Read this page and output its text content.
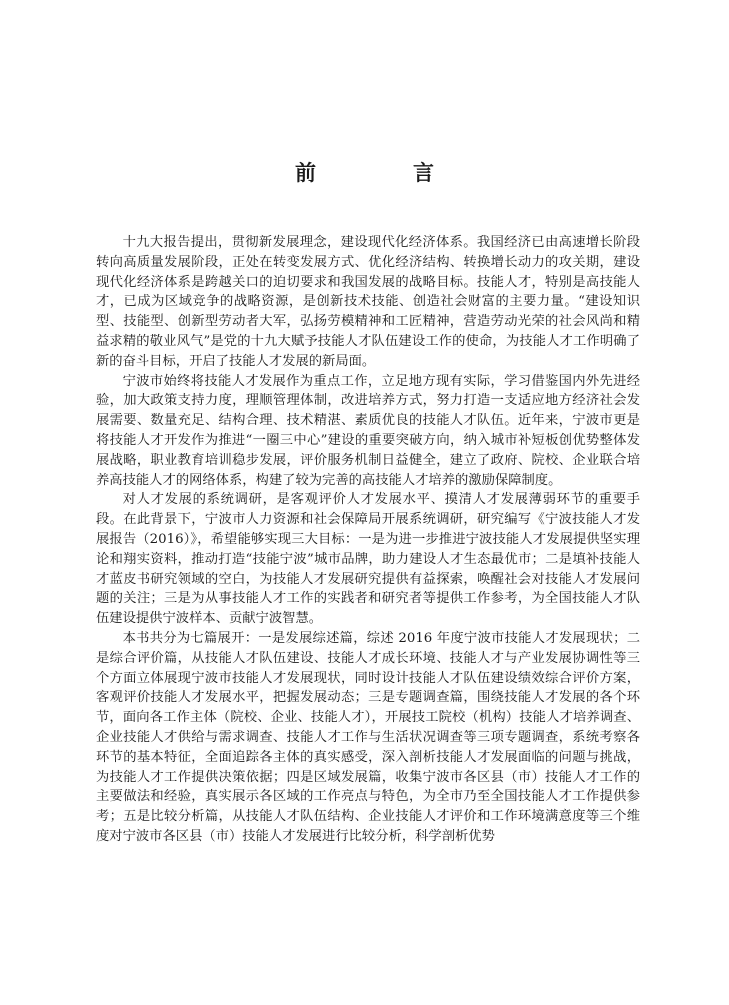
前　言

十九大报告提出，贯彻新发展理念，建设现代化经济体系。我国经济已由高速增长阶段转向高质量发展阶段，正处在转变发展方式、优化经济结构、转换增长动力的攻关期，建设现代化经济体系是跨越关口的迫切要求和我国发展的战略目标。技能人才，特别是高技能人才，已成为区域竞争的战略资源，是创新技术技能、创造社会财富的主要力量。“建设知识型、技能型、创新型劳动者大军，弘扬劳模精神和工匠精神，营造劳动光荣的社会风尚和精益求精的敬业风气”是党的十九大赋予技能人才队伍建设工作的使命，为技能人才工作明确了新的奋斗目标，开启了技能人才发展的新局面。

宁波市始终将技能人才发展作为重点工作，立足地方现有实际，学习借鉴国内外先进经验，加大政策支持力度，理顺管理体制，改进培养方式，努力打造一支适应地方经济社会发展需要、数量充足、结构合理、技术精湛、素质优良的技能人才队伍。近年来，宁波市更是将技能人才开发作为推进“一圈三中心”建设的重要突破方向，纳入城市补短板创优势整体发展战略，职业教育培训稳步发展，评价服务机制日益健全，建立了政府、院校、企业联合培养高技能人才的网络体系，构建了较为完善的高技能人才培养的激励保障制度。

对人才发展的系统调研，是客观评价人才发展水平、摸清人才发展薄弱环节的重要手段。在此背景下，宁波市人力资源和社会保障局开展系统调研，研究编写《宁波技能人才发展报告（2016）》，希望能够实现三大目标：一是为进一步推进宁波技能人才发展提供坚实理论和翔实资料，推动打造“技能宁波”城市品牌，助力建设人才生态最优市；二是填补技能人才蓝皮书研究领域的空白，为技能人才发展研究提供有益探索，唤醒社会对技能人才发展问题的关注；三是为从事技能人才工作的实践者和研究者等提供工作参考，为全国技能人才队伍建设提供宁波样本、贡献宁波智慧。

本书共分为七篇展开：一是发展综述篇，综述 2016 年度宁波市技能人才发展现状；二是综合评价篇，从技能人才队伍建设、技能人才成长环境、技能人才与产业发展协调性等三个方面立体展现宁波市技能人才发展现状，同时设计技能人才队伍建设绩效综合评价方案，客观评价技能人才发展水平，把握发展动态；三是专题调查篇，围绕技能人才发展的各个环节，面向各工作主体（院校、企业、技能人才），开展技工院校（机构）技能人才培养调查、企业技能人才供给与需求调查、技能人才工作与生活状况调查等三项专题调查，系统考察各环节的基本特征，全面追踪各主体的真实感受，深入剖析技能人才发展面临的问题与挑战，为技能人才工作提供决策依据；四是区域发展篇，收集宁波市各区县（市）技能人才工作的主要做法和经验，真实展示各区域的工作亮点与特色，为全市乃至全国技能人才工作提供参考；五是比较分析篇，从技能人才队伍结构、企业技能人才评价和工作环境满意度等三个维度对宁波市各区县（市）技能人才发展进行比较分析，科学剖析优势
